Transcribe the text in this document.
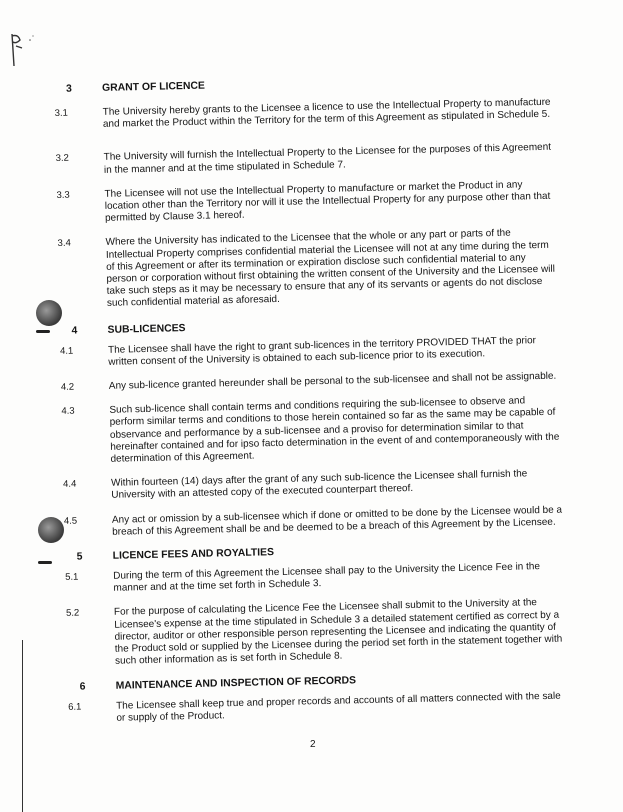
3	GRANT OF LICENCE
3.1	The University hereby grants to the Licensee a licence to use the Intellectual Property to manufacture and market the Product within the Territory for the term of this Agreement as stipulated in Schedule 5.
3.2	The University will furnish the Intellectual Property to the Licensee for the purposes of this Agreement in the manner and at the time stipulated in Schedule 7.
3.3	The Licensee will not use the Intellectual Property to manufacture or market the Product in any location other than the Territory nor will it use the Intellectual Property for any purpose other than that permitted by Clause 3.1 hereof.
3.4	Where the University has indicated to the Licensee that the whole or any part or parts of the Intellectual Property comprises confidential material the Licensee will not at any time during the term of this Agreement or after its termination or expiration disclose such confidential material to any person or corporation without first obtaining the written consent of the University and the Licensee will take such steps as it may be necessary to ensure that any of its servants or agents do not disclose such confidential material as aforesaid.
4	SUB-LICENCES
4.1	The Licensee shall have the right to grant sub-licences in the territory PROVIDED THAT the prior written consent of the University is obtained to each sub-licence prior to its execution.
4.2	Any sub-licence granted hereunder shall be personal to the sub-licensee and shall not be assignable.
4.3	Such sub-licence shall contain terms and conditions requiring the sub-licensee to observe and perform similar terms and conditions to those herein contained so far as the same may be capable of observance and performance by a sub-licensee and a proviso for determination similar to that hereinafter contained and for ipso facto determination in the event of and contemporaneously with the determination of this Agreement.
4.4	Within fourteen (14) days after the grant of any such sub-licence the Licensee shall furnish the University with an attested copy of the executed counterpart thereof.
4.5	Any act or omission by a sub-licensee which if done or omitted to be done by the Licensee would be a breach of this Agreement shall be and be deemed to be a breach of this Agreement by the Licensee.
5	LICENCE FEES AND ROYALTIES
5.1	During the term of this Agreement the Licensee shall pay to the University the Licence Fee in the manner and at the time set forth in Schedule 3.
5.2	For the purpose of calculating the Licence Fee the Licensee shall submit to the University at the Licensee's expense at the time stipulated in Schedule 3 a detailed statement certified as correct by a director, auditor or other responsible person representing the Licensee and indicating the quantity of the Product sold or supplied by the Licensee during the period set forth in the statement together with such other information as is set forth in Schedule 8.
6	MAINTENANCE AND INSPECTION OF RECORDS
6.1	The Licensee shall keep true and proper records and accounts of all matters connected with the sale or supply of the Product.
2
